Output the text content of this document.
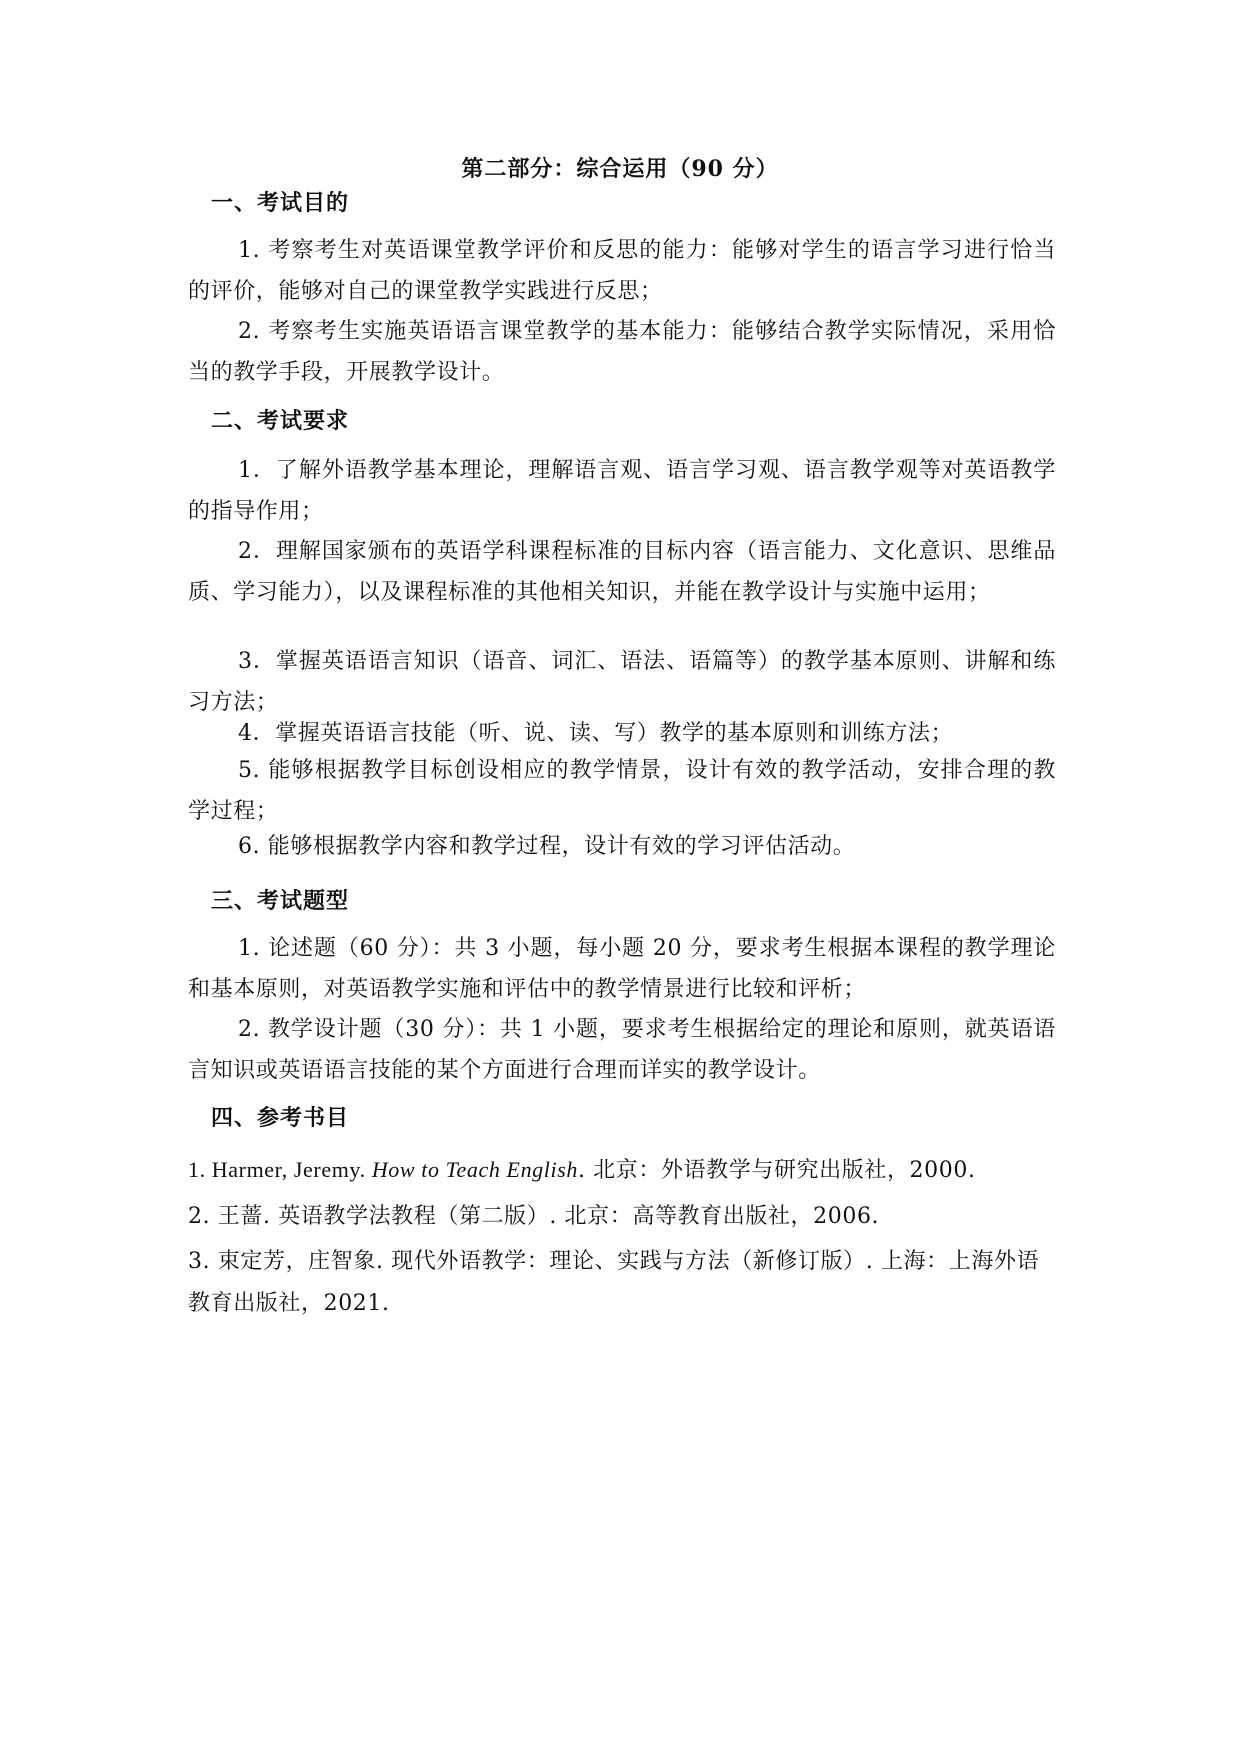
第二部分：综合运用（90 分）
一、考试目的
1. 考察考生对英语课堂教学评价和反思的能力：能够对学生的语言学习进行恰当的评价，能够对自己的课堂教学实践进行反思；
2. 考察考生实施英语语言课堂教学的基本能力：能够结合教学实际情况，采用恰当的教学手段，开展教学设计。
二、考试要求
1．了解外语教学基本理论，理解语言观、语言学习观、语言教学观等对英语教学的指导作用；
2．理解国家颁布的英语学科课程标准的目标内容（语言能力、文化意识、思维品质、学习能力），以及课程标准的其他相关知识，并能在教学设计与实施中运用；
3．掌握英语语言知识（语音、词汇、语法、语篇等）的教学基本原则、讲解和练习方法；
4．掌握英语语言技能（听、说、读、写）教学的基本原则和训练方法；
5. 能够根据教学目标创设相应的教学情景，设计有效的教学活动，安排合理的教学过程；
6. 能够根据教学内容和教学过程，设计有效的学习评估活动。
三、考试题型
1. 论述题（60 分）：共 3 小题，每小题 20 分，要求考生根据本课程的教学理论和基本原则，对英语教学实施和评估中的教学情景进行比较和评析；
2. 教学设计题（30 分）：共 1 小题，要求考生根据给定的理论和原则，就英语语言知识或英语语言技能的某个方面进行合理而详实的教学设计。
四、参考书目
1. Harmer, Jeremy. How to Teach English. 北京：外语教学与研究出版社，2000.
2. 王蔷. 英语教学法教程（第二版）. 北京：高等教育出版社，2006.
3. 束定芳，庄智象. 现代外语教学：理论、实践与方法（新修订版）. 上海：上海外语教育出版社，2021.
